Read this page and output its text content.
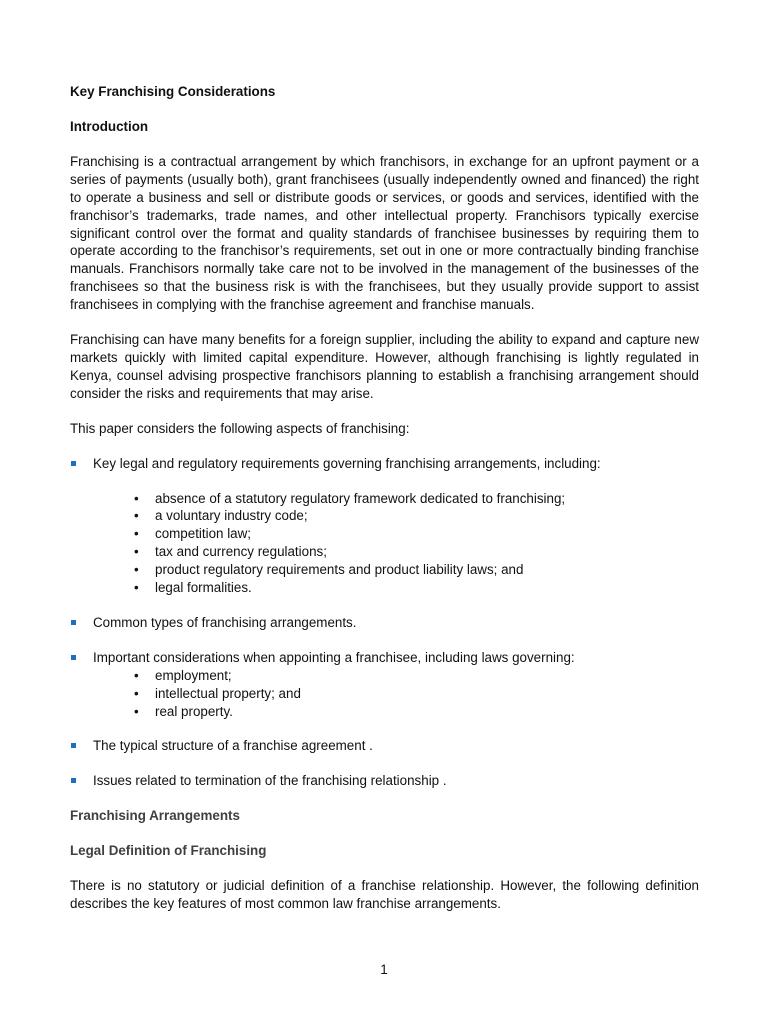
Key Franchising Considerations

Introduction

Franchising is a contractual arrangement by which franchisors, in exchange for an upfront payment or a series of payments (usually both), grant franchisees (usually independently owned and financed) the right to operate a business and sell or distribute goods or services, or goods and services, identified with the franchisor’s trademarks, trade names, and other intellectual property. Franchisors typically exercise significant control over the format and quality standards of franchisee businesses by requiring them to operate according to the franchisor’s requirements, set out in one or more contractually binding franchise manuals. Franchisors normally take care not to be involved in the management of the businesses of the franchisees so that the business risk is with the franchisees, but they usually provide support to assist franchisees in complying with the franchise agreement and franchise manuals.

Franchising can have many benefits for a foreign supplier, including the ability to expand and capture new markets quickly with limited capital expenditure. However, although franchising is lightly regulated in Kenya, counsel advising prospective franchisors planning to establish a franchising arrangement should consider the risks and requirements that may arise.

This paper considers the following aspects of franchising:

Key legal and regulatory requirements governing franchising arrangements, including:
• absence of a statutory regulatory framework dedicated to franchising;
• a voluntary industry code;
• competition law;
• tax and currency regulations;
• product regulatory requirements and product liability laws; and
• legal formalities.
Common types of franchising arrangements.
Important considerations when appointing a franchisee, including laws governing:
• employment;
• intellectual property; and
• real property.
The typical structure of a franchise agreement .
Issues related to termination of the franchising relationship .

Franchising Arrangements

Legal Definition of Franchising

There is no statutory or judicial definition of a franchise relationship. However, the following definition describes the key features of most common law franchise arrangements.

1
